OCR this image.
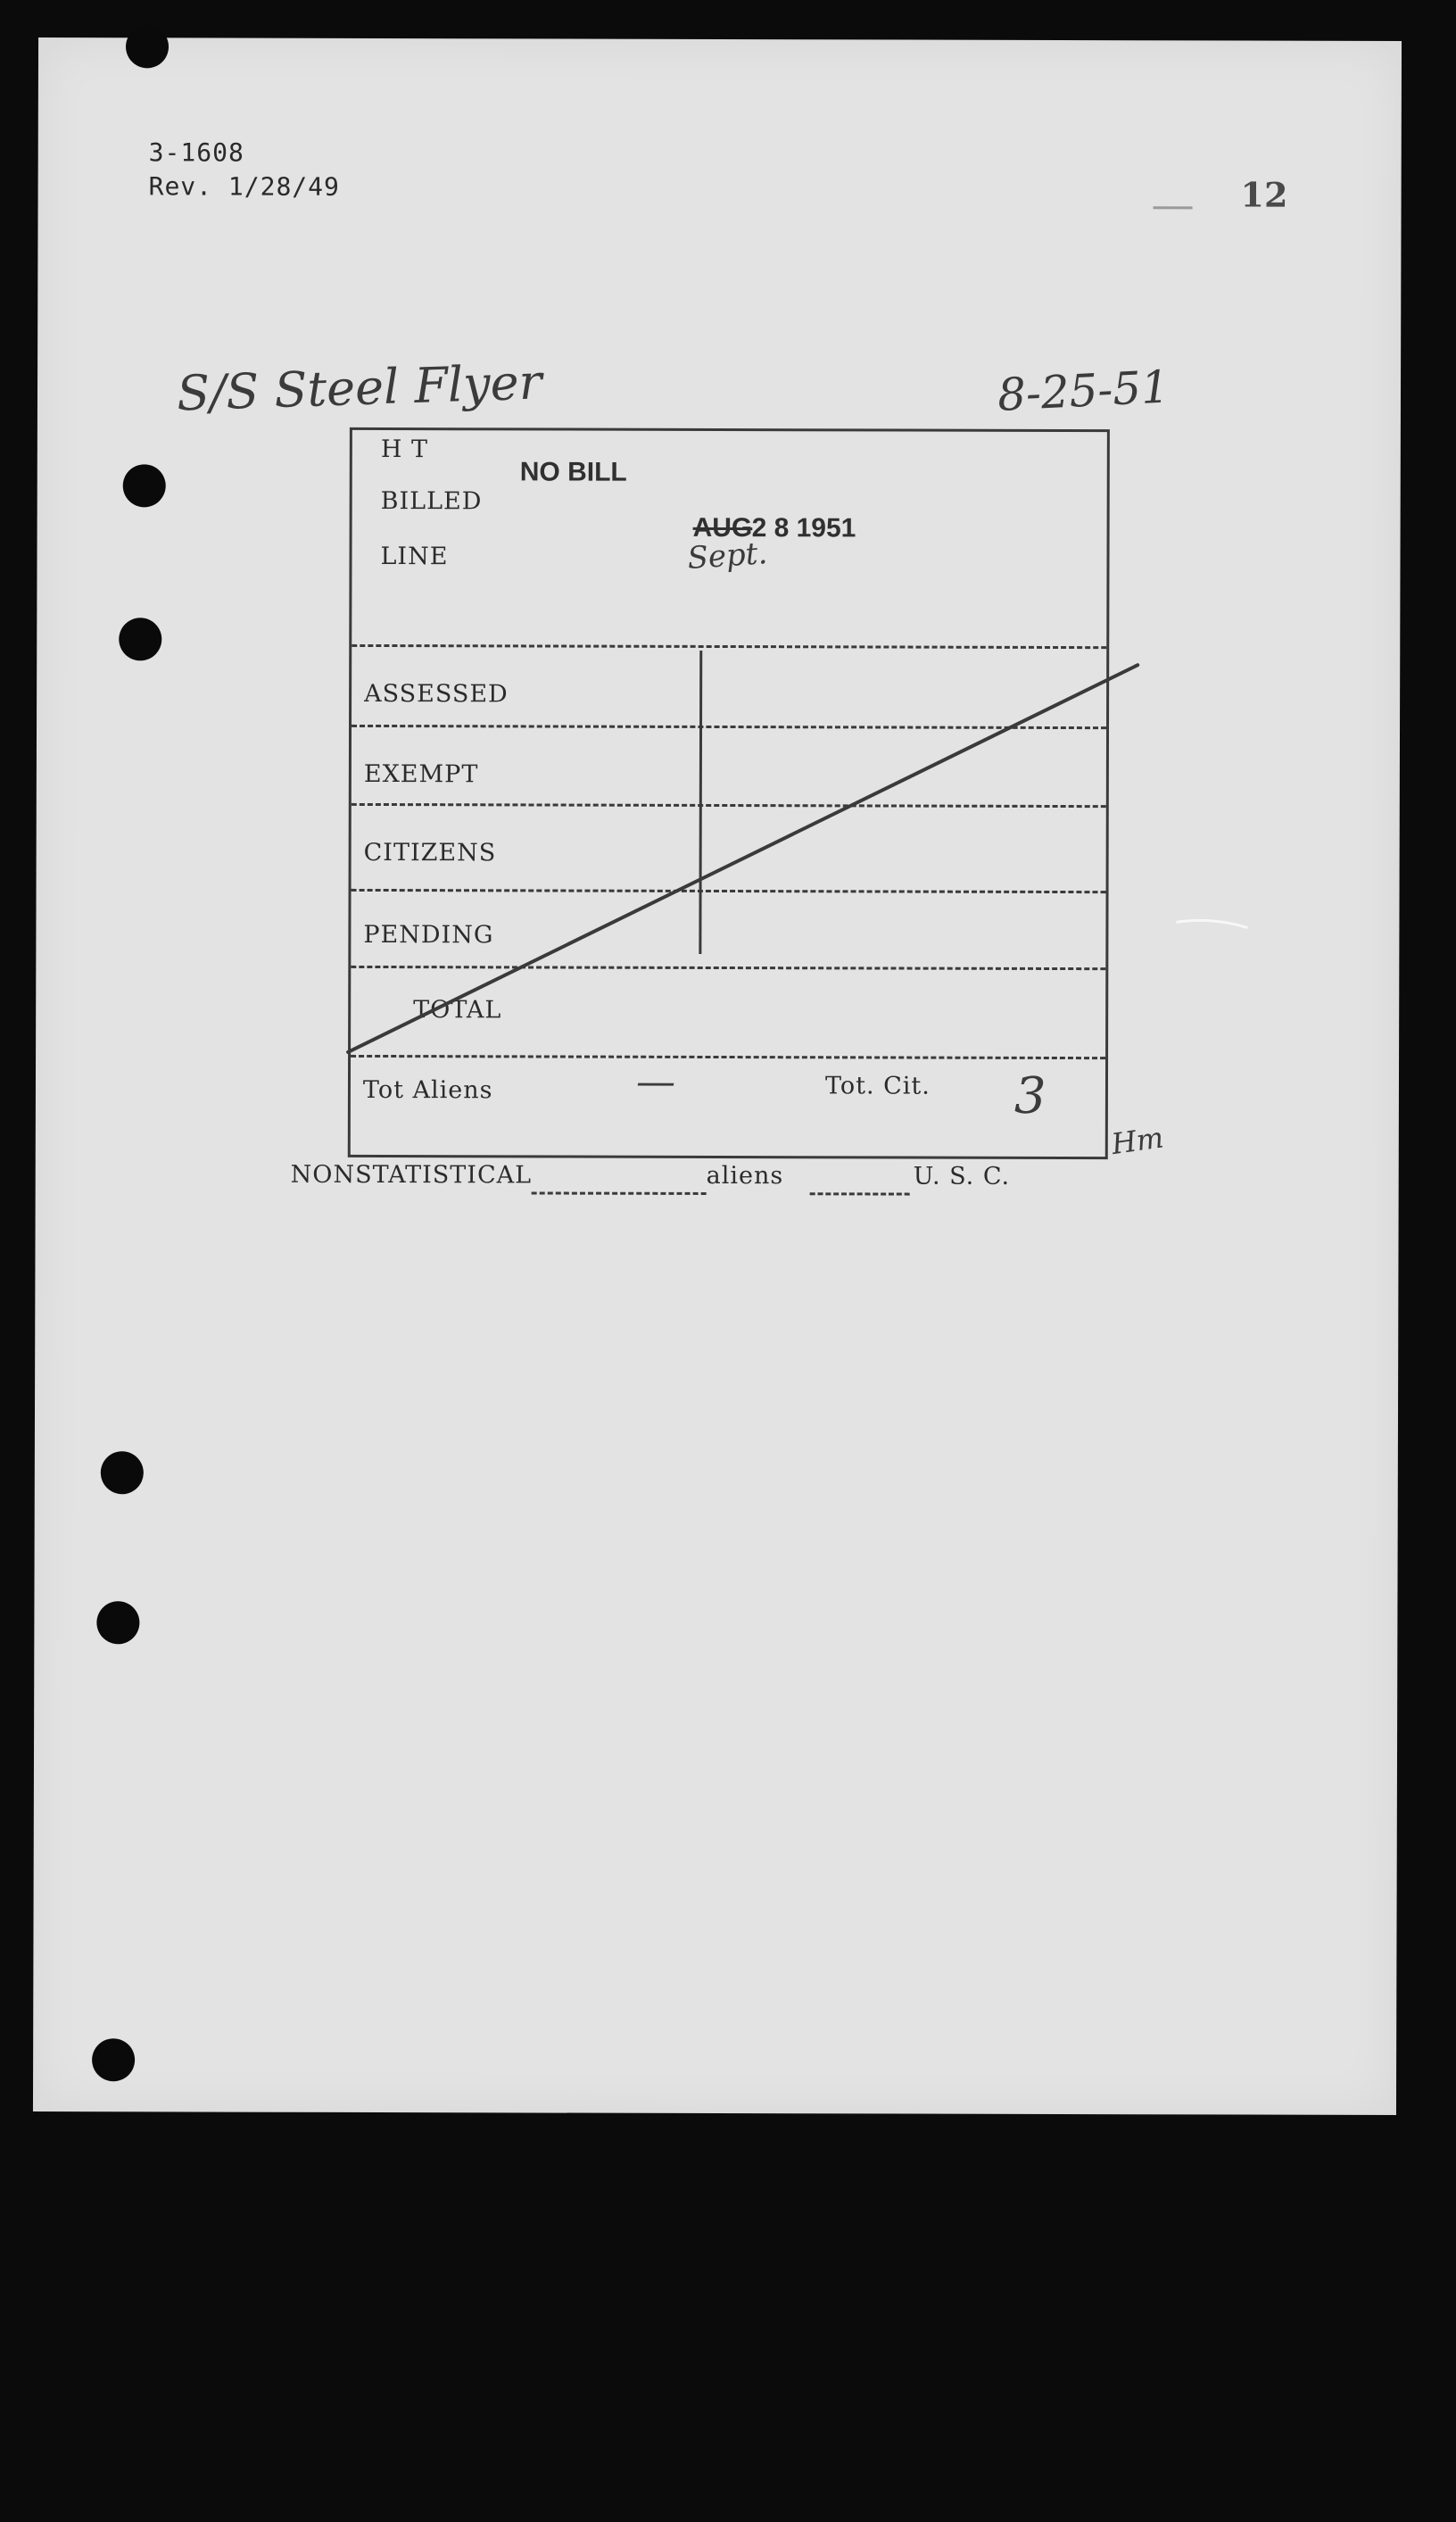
3-1608
Rev. 1/28/49	12
S/S Steel Flyer	8-25-51
H T
BILLED
LINE
NO BILL
AUG 2 8 1951
Sept.
ASSESSED
EXEMPT
CITIZENS
PENDING
TOTAL
Tot Aliens	—	Tot. Cit. 3
Hm
NONSTATISTICAL	aliens	U. S. C.
